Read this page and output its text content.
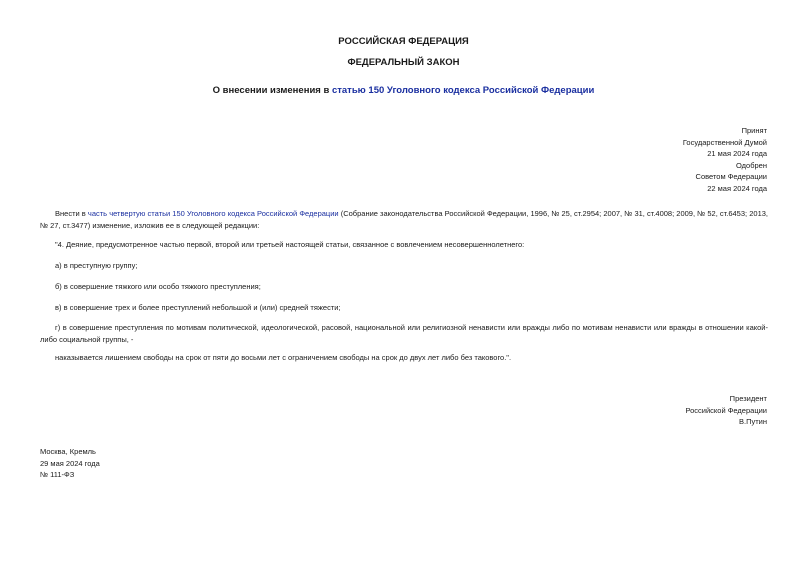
РОССИЙСКАЯ ФЕДЕРАЦИЯ
ФЕДЕРАЛЬНЫЙ ЗАКОН
О внесении изменения в статью 150 Уголовного кодекса Российской Федерации
Принят
Государственной Думой
21 мая 2024 года
Одобрен
Советом Федерации
22 мая 2024 года
Внести в часть четвертую статьи 150 Уголовного кодекса Российской Федерации (Собрание законодательства Российской Федерации, 1996, № 25, ст.2954; 2007, № 31, ст.4008; 2009, № 52, ст.6453; 2013, № 27, ст.3477) изменение, изложив ее в следующей редакции:
"4. Деяние, предусмотренное частью первой, второй или третьей настоящей статьи, связанное с вовлечением несовершеннолетнего:
а) в преступную группу;
б) в совершение тяжкого или особо тяжкого преступления;
в) в совершение трех и более преступлений небольшой и (или) средней тяжести;
г) в совершение преступления по мотивам политической, идеологической, расовой, национальной или религиозной ненависти или вражды либо по мотивам ненависти или вражды в отношении какой-либо социальной группы, -
наказывается лишением свободы на срок от пяти до восьми лет с ограничением свободы на срок до двух лет либо без такового.".
Президент
Российской Федерации
В.Путин
Москва, Кремль
29 мая 2024 года
№ 111-ФЗ
